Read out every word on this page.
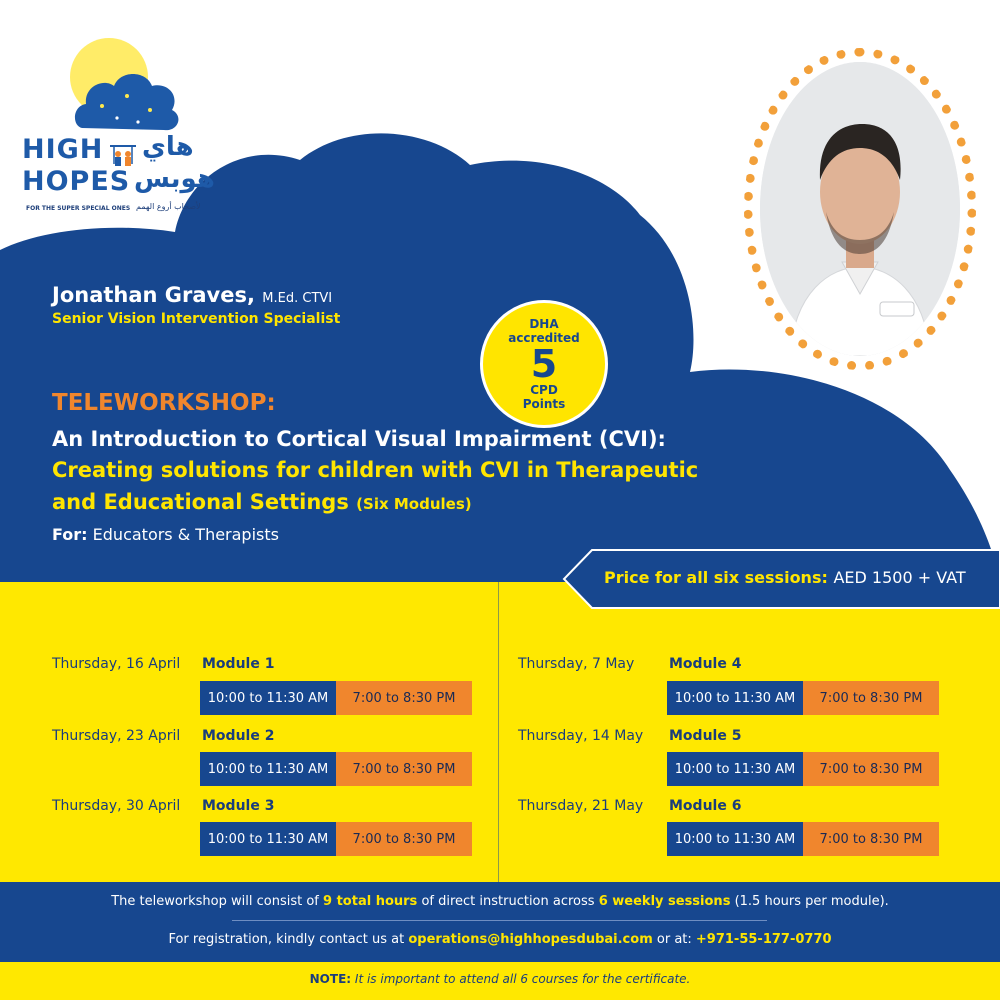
HIGH
HOPES
هاي
هوبس
FOR THE SUPER SPECIAL ONES لأصحاب أروع الهمم
Jonathan Graves, M.Ed. CTVI
Senior Vision Intervention Specialist	DHA
accredited
5
CPD
Points
TELEWORKSHOP:
An Introduction to Cortical Visual Impairment (CVI):
Creating solutions for children with CVI in Therapeutic
and Educational Settings (Six Modules)
For: Educators & Therapists
Price for all six sessions: AED 1500 + VAT
Thursday, 16 April Module 1
10:00 to 11:30 AM	7:00 to 8:30 PM
Thursday, 23 April Module 2
10:00 to 11:30 AM	7:00 to 8:30 PM
Thursday, 30 April Module 3
10:00 to 11:30 AM	7:00 to 8:30 PM
Thursday, 7 May Module 4
10:00 to 11:30 AM	7:00 to 8:30 PM
Thursday, 14 May Module 5
10:00 to 11:30 AM	7:00 to 8:30 PM
Thursday, 21 May Module 6
10:00 to 11:30 AM	7:00 to 8:30 PM
The teleworkshop will consist of 9 total hours of direct instruction across 6 weekly sessions (1.5 hours per module).
For registration, kindly contact us at operations@highhopesdubai.com or at: +971-55-177-0770
NOTE: It is important to attend all 6 courses for the certificate.
